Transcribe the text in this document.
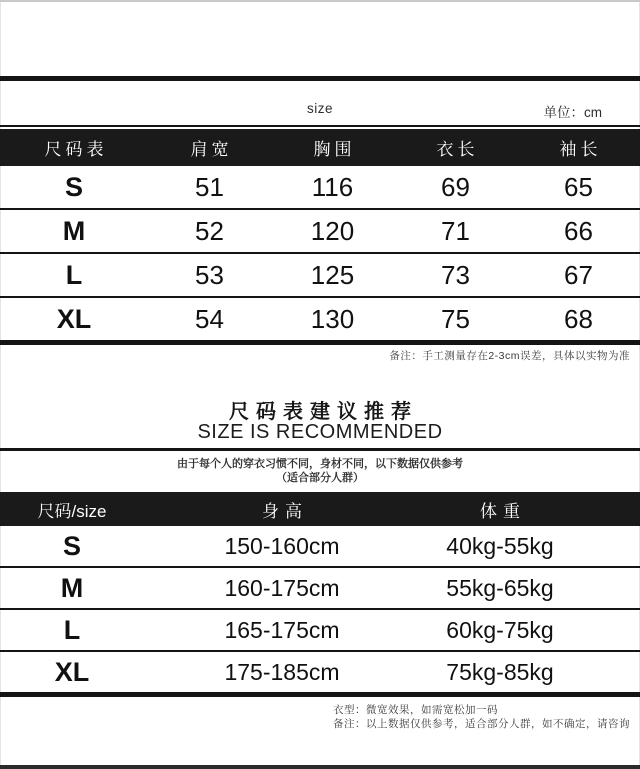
size	单位：cm
尺码表	肩宽	胸围	衣长	袖长
S	51	116	69	65
M	52	120	71	66
L	53	125	73	67
XL	54	130	75	68
备注：手工测量存在2-3cm误差，具体以实物为准
尺码表建议推荐
SIZE IS RECOMMENDED
由于每个人的穿衣习惯不同，身材不同，以下数据仅供参考
（适合部分人群）
尺码/size	身高	体重
S	150-160cm	40kg-55kg
M	160-175cm	55kg-65kg
L	165-175cm	60kg-75kg
XL	175-185cm	75kg-85kg
衣型：微宽效果，如需宽松加一码
备注：以上数据仅供参考，适合部分人群，如不确定，请咨询
